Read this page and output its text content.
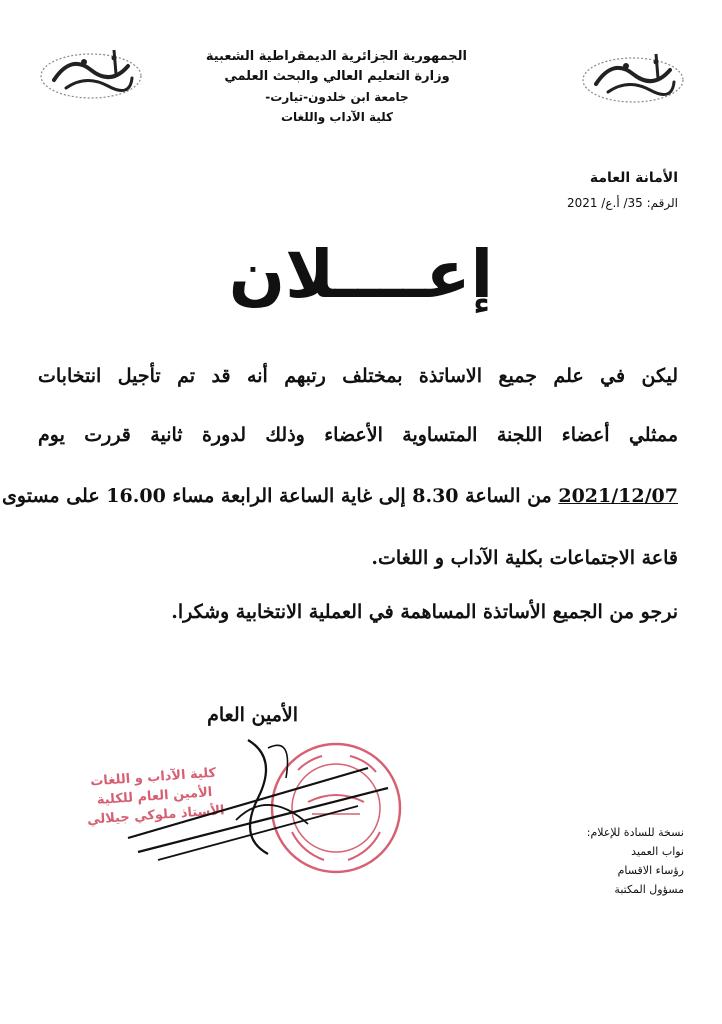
الجمهورية الجزائرية الديمقراطية الشعبية
وزارة التعليم العالي والبحث العلمي
جامعة ابن خلدون-تيارت-
كلية الآداب واللغات
الأمانة العامة
الرقم: 35/ أ.ع/ 2021
إعــــلان
ليكن في علم جميع الاساتذة بمختلف رتبهم أنه قد تم تأجيل انتخابات
ممثلي أعضاء اللجنة المتساوية الأعضاء وذلك لدورة ثانية قررت يوم
2021/12/07 من الساعة 8.30 إلى غاية الساعة الرابعة مساء 16.00 على مستوى
قاعة الاجتماعات بكلية الآداب و اللغات.
نرجو من الجميع الأساتذة المساهمة في العملية الانتخابية وشكرا.
الأمين العام
كلية الآداب و اللغات
الأمين العام للكلية
الأستاذ ملوكي جيلالي
نسخة للسادة للإعلام:
نواب العميد
رؤساء الاقسام
مسؤول المكتبة
